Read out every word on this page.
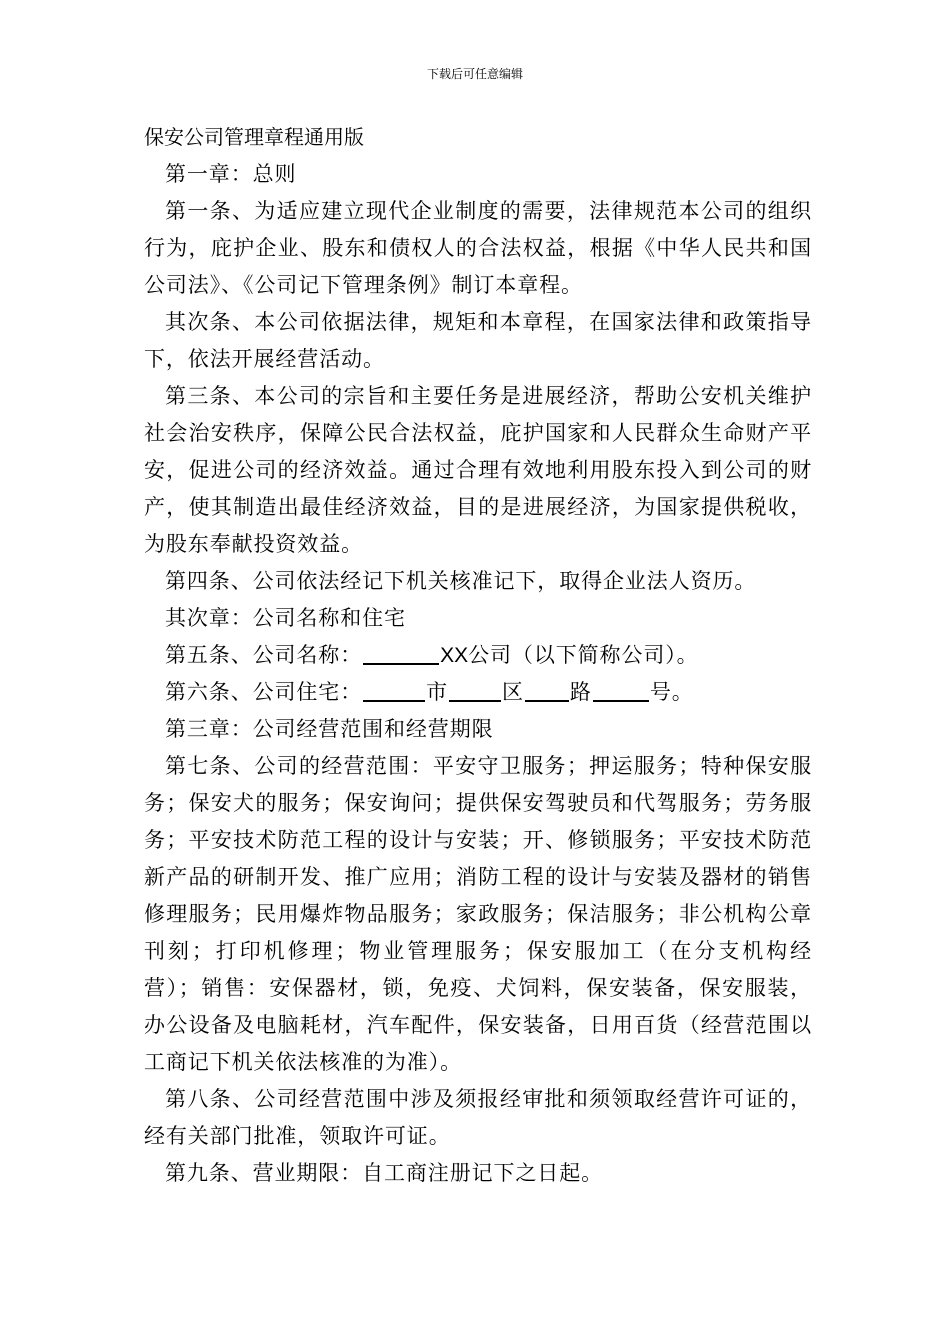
下载后可任意编辑
保安公司管理章程通用版

第一章：总则

第一条、为适应建立现代企业制度的需要，法律规范本公司的组织行为，庇护企业、股东和债权人的合法权益，根据《中华人民共和国公司法》、《公司记下管理条例》制订本章程。

其次条、本公司依据法律，规矩和本章程，在国家法律和政策指导下，依法开展经营活动。

第三条、本公司的宗旨和主要任务是进展经济，帮助公安机关维护社会治安秩序，保障公民合法权益，庇护国家和人民群众生命财产平安，促进公司的经济效益。通过合理有效地利用股东投入到公司的财产，使其制造出最佳经济效益，目的是进展经济，为国家提供税收，为股东奉献投资效益。

第四条、公司依法经记下机关核准记下，取得企业法人资历。

其次章：公司名称和住宅

第五条、公司名称：	XX公司（以下简称公司）。

第六条、公司住宅：	市	区 路	号。

第三章：公司经营范围和经营期限

第七条、公司的经营范围：平安守卫服务；押运服务；特种保安服务；保安犬的服务；保安询问；提供保安驾驶员和代驾服务；劳务服务；平安技术防范工程的设计与安装；开、修锁服务；平安技术防范新产品的研制开发、推广应用；消防工程的设计与安装及器材的销售修理服务；民用爆炸物品服务；家政服务；保洁服务；非公机构公章刊刻；打印机修理；物业管理服务；保安服加工（在分支机构经营）；销售：安保器材，锁，免疫、犬饲料，保安装备，保安服装，办公设备及电脑耗材，汽车配件，保安装备，日用百货（经营范围以工商记下机关依法核准的为准）。

第八条、公司经营范围中涉及须报经审批和须领取经营许可证的，经有关部门批准，领取许可证。

第九条、营业期限：自工商注册记下之日起。
